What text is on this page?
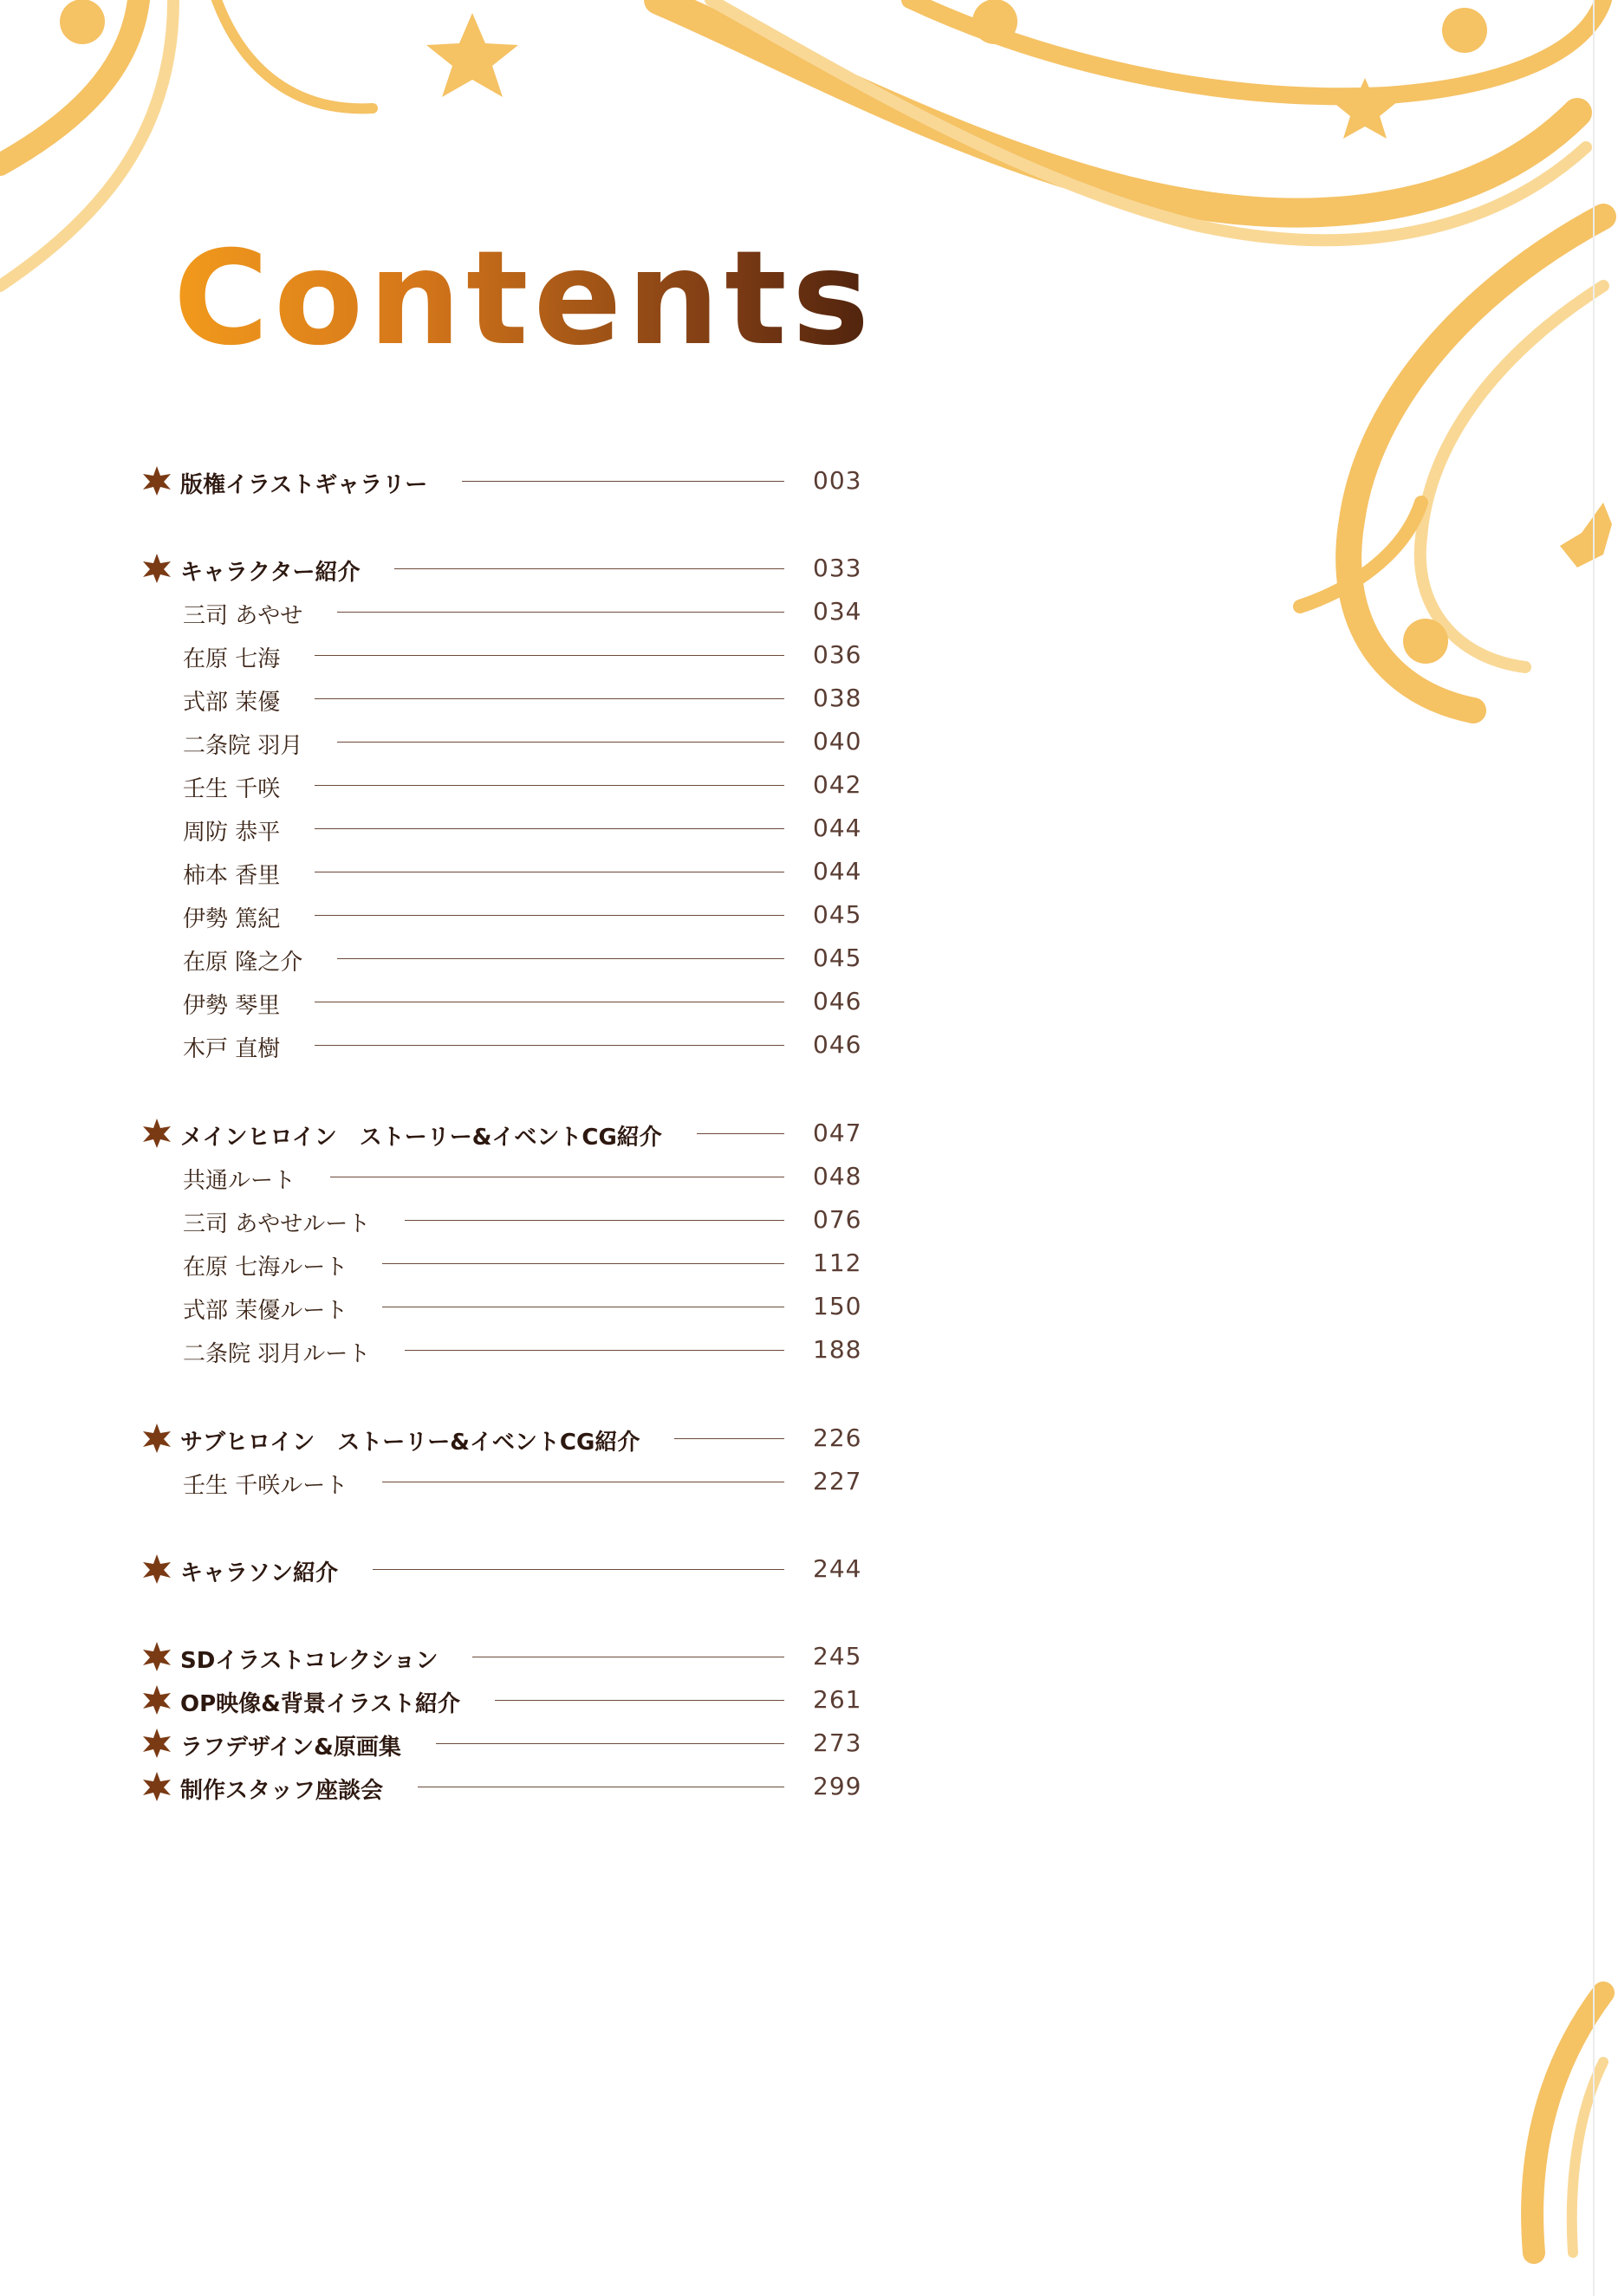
Contents
版権イラストギャラリー	003
キャラクター紹介	033
三司 あやせ	034
在原 七海	036
式部 茉優	038
二条院 羽月	040
壬生 千咲	042
周防 恭平	044
柿本 香里	044
伊勢 篤紀	045
在原 隆之介	045
伊勢 琴里	046
木戸 直樹	046
メインヒロイン　ストーリー&イベントCG紹介	047
共通ルート	048
三司 あやせルート	076
在原 七海ルート	112
式部 茉優ルート	150
二条院 羽月ルート	188
サブヒロイン　ストーリー&イベントCG紹介	226
壬生 千咲ルート	227
キャラソン紹介	244
SDイラストコレクション	245
OP映像&背景イラスト紹介	261
ラフデザイン&原画集	273
制作スタッフ座談会	299
